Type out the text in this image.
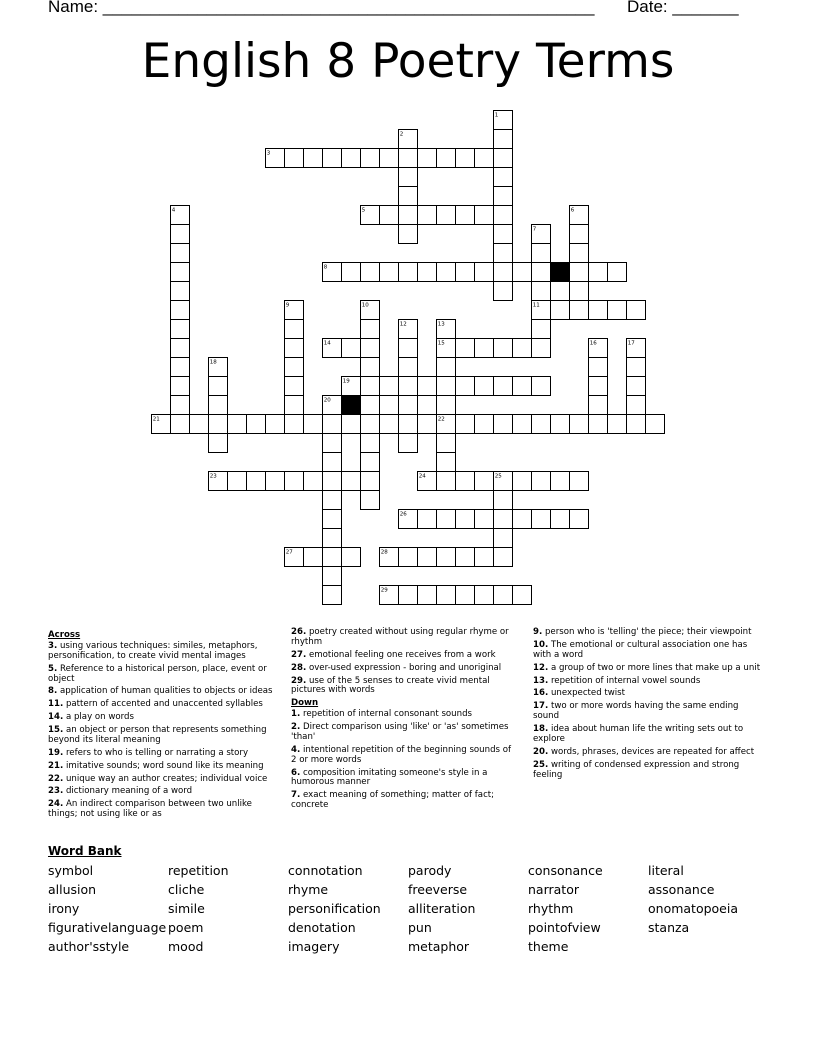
Name: ____________________________________________________ Date: _______
English 8 Poetry Terms
1
2
3
4	5	6
7
8
9	10	11
12	13
14	15	16	17
18
19
20
21	22
23	24	25
26
27	28
29
Across
3. using various techniques: similes, metaphors, personification, to create vivid mental images
5. Reference to a historical person, place, event or object
8. application of human qualities to objects or ideas
11. pattern of accented and unaccented syllables
14. a play on words
15. an object or person that represents something beyond its literal meaning
19. refers to who is telling or narrating a story
21. imitative sounds; word sound like its meaning
22. unique way an author creates; individual voice
23. dictionary meaning of a word
24. An indirect comparison between two unlike things; not using like or as
26. poetry created without using regular rhyme or rhythm
27. emotional feeling one receives from a work
28. over-used expression - boring and unoriginal
29. use of the 5 senses to create vivid mental pictures with words
Down
1. repetition of internal consonant sounds
2. Direct comparison using 'like' or 'as' sometimes 'than'
4. intentional repetition of the beginning sounds of 2 or more words
6. composition imitating someone's style in a humorous manner
7. exact meaning of something; matter of fact; concrete
9. person who is 'telling' the piece; their viewpoint
10. The emotional or cultural association one has with a word
12. a group of two or more lines that make up a unit
13. repetition of internal vowel sounds
16. unexpected twist
17. two or more words having the same ending sound
18. idea about human life the writing sets out to explore
20. words, phrases, devices are repeated for affect
25. writing of condensed expression and strong feeling
Word Bank
symbol	repetition	connotation	parody	consonance	literal
allusion	cliche	rhyme	freeverse	narrator	assonance
irony	simile	personification	alliteration	rhythm	onomatopoeia
figurativelanguage poem	denotation	pun	pointofview	stanza
author'sstyle	mood	imagery	metaphor	theme
